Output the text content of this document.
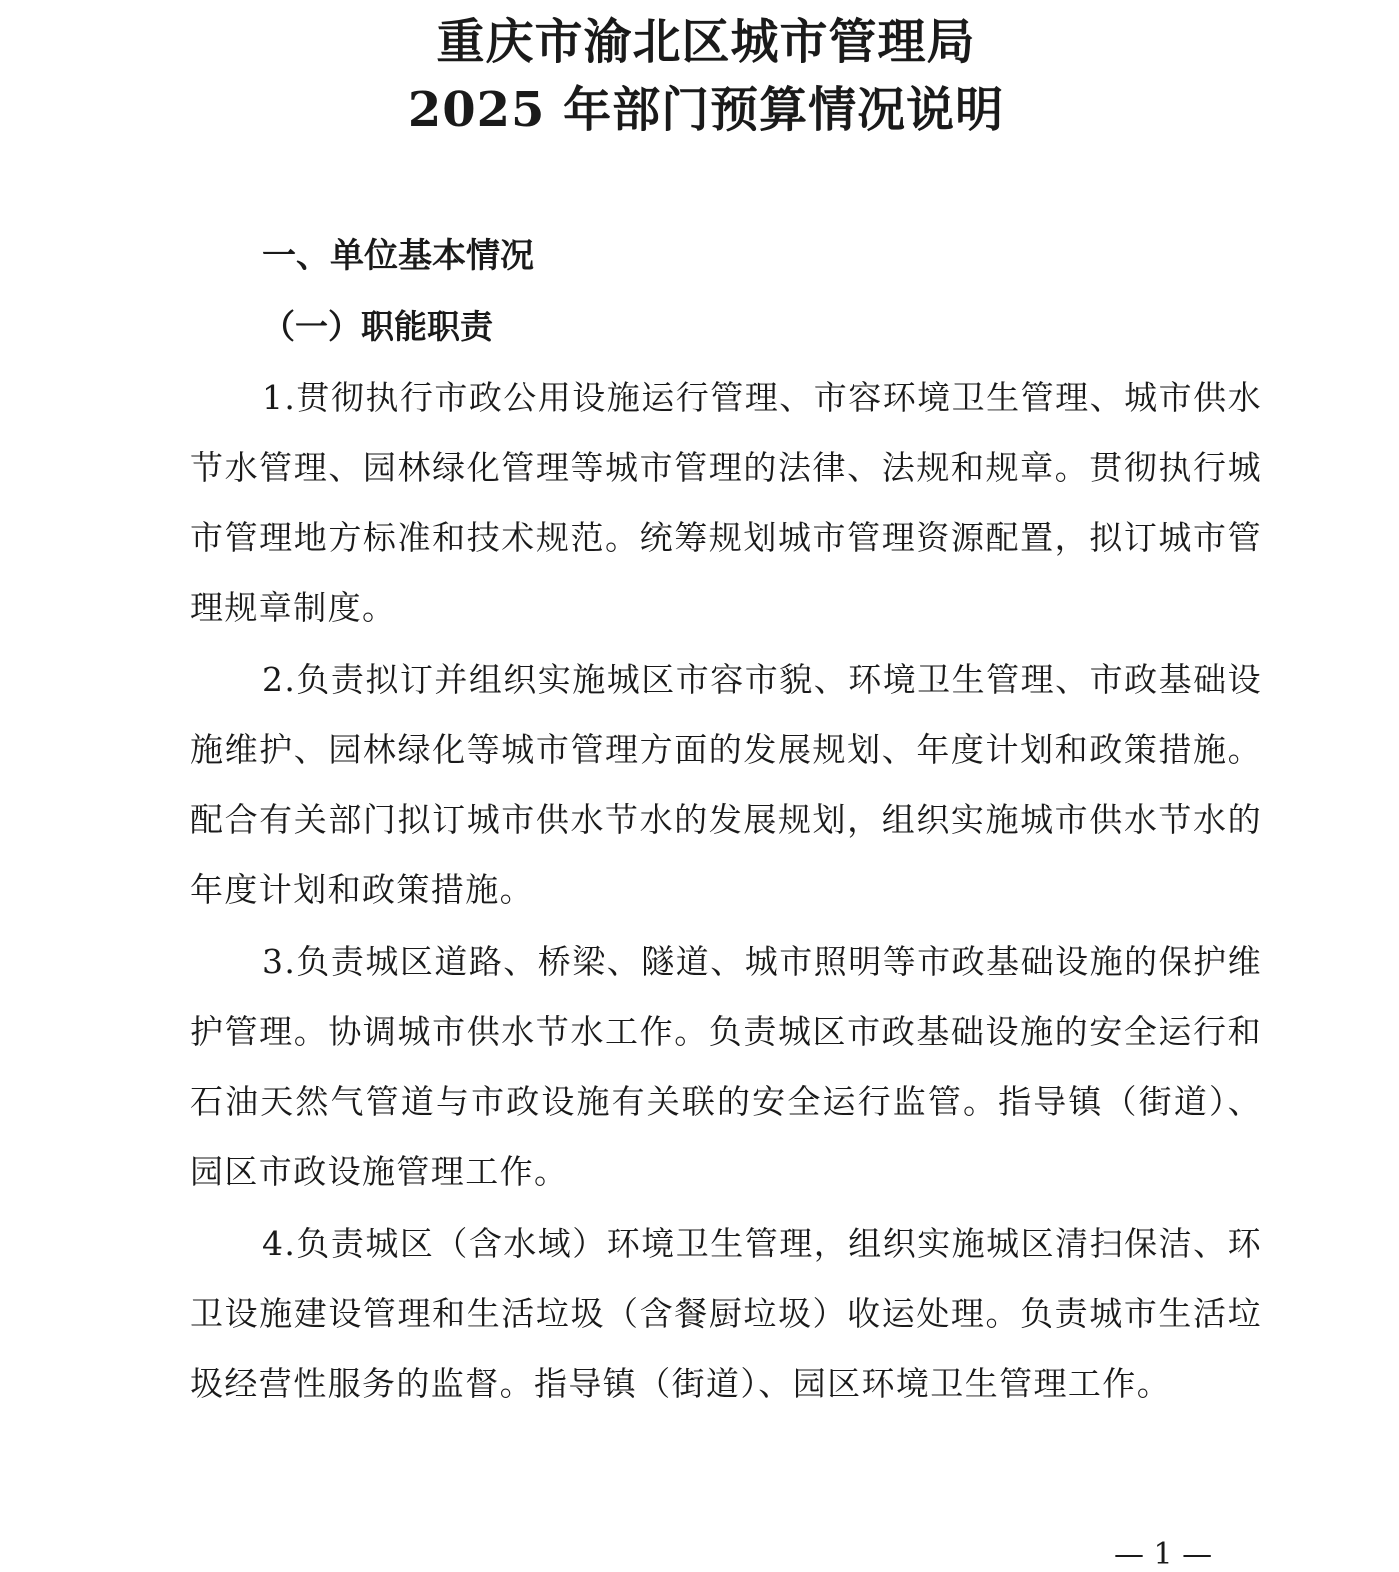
重庆市渝北区城市管理局
2025 年部门预算情况说明
一、单位基本情况
（一）职能职责

1.贯彻执行市政公用设施运行管理、市容环境卫生管理、城市供水节水管理、园林绿化管理等城市管理的法律、法规和规章。贯彻执行城市管理地方标准和技术规范。统筹规划城市管理资源配置，拟订城市管理规章制度。

2.负责拟订并组织实施城区市容市貌、环境卫生管理、市政基础设施维护、园林绿化等城市管理方面的发展规划、年度计划和政策措施。配合有关部门拟订城市供水节水的发展规划，组织实施城市供水节水的年度计划和政策措施。

3.负责城区道路、桥梁、隧道、城市照明等市政基础设施的保护维护管理。协调城市供水节水工作。负责城区市政基础设施的安全运行和石油天然气管道与市政设施有关联的安全运行监管。指导镇（街道）、园区市政设施管理工作。

4.负责城区（含水域）环境卫生管理，组织实施城区清扫保洁、环卫设施建设管理和生活垃圾（含餐厨垃圾）收运处理。负责城市生活垃圾经营性服务的监督。指导镇（街道）、园区环境卫生管理工作。

— 1 —
